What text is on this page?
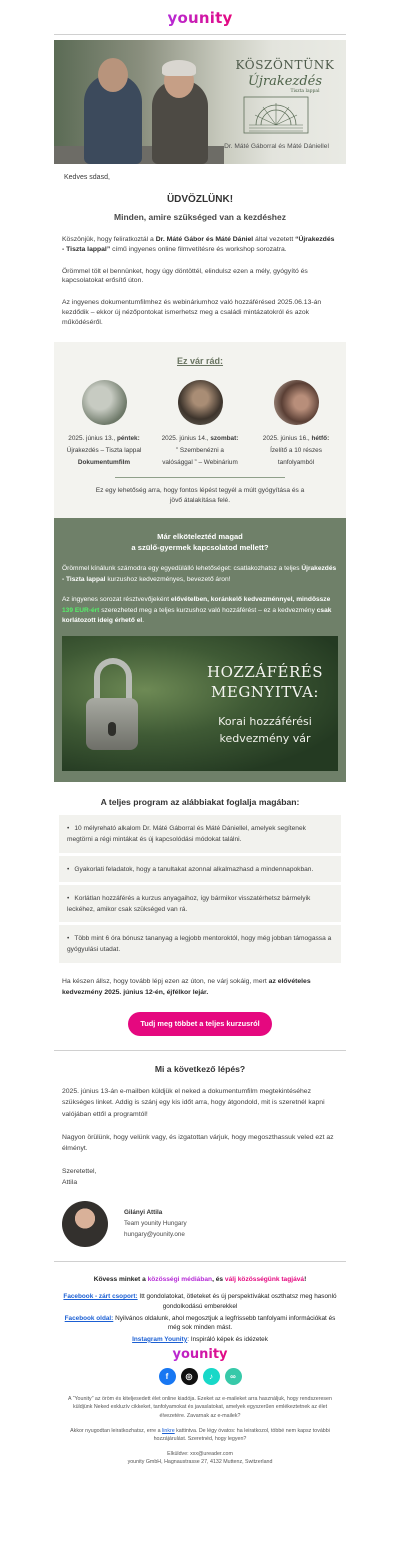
younity
KÖSZÖNTÜNK
Újrakezdés
Tiszta lappal
Dr. Máté Gáborral és Máté Dániellel
Kedves sdasd,
ÜDVÖZLÜNK!
Minden, amire szükséged van a kezdéshez
Köszönjük, hogy feliratkoztál a Dr. Máté Gábor és Máté Dániel által vezetett “Újrakezdés - Tiszta lappal” című ingyenes online filmvetítésre és workshop sorozatra.
Örömmel tölt el bennünket, hogy úgy döntöttél, elindulsz ezen a mély, gyógyító és kapcsolatokat erősítő úton.
Az ingyenes dokumentumfilmhez és webináriumhoz való hozzáférésed 2025.06.13-án kezdődik – ekkor új nézőpontokat ismerhetsz meg a családi mintázatokról és azok működéséről.
Ez vár rád:
2025. június 13., péntek:
Újrakezdés – Tiszta lappal
Dokumentumfilm
2025. június 14., szombat:
” Szembenézni a
valósággal ” – Webinárium
2025. június 16., hétfő:
Ízelítő a 10 részes
tanfolyamból
Ez egy lehetőség arra, hogy fontos lépést tegyél a múlt gyógyítása és a jövő átalakítása felé.
Már elköteleztéd magad
a szülő-gyermek kapcsolatod mellett?

Örömmel kínálunk számodra egy egyedülálló lehetőséget: csatlakozhatsz a teljes Újrakezdés - Tiszta lappal kurzushoz kedvezményes, bevezető áron!

Az ingyenes sorozat résztvevőjeként elővételben, koránkelő kedvezménnyel, mindössze 139 EUR-ért szerezheted meg a teljes kurzushoz való hozzáférést – ez a kedvezmény csak korlátozott ideig érhető el.

HOZZÁFÉRÉS
MEGNYITVA:
Korai hozzáférési
kedvezmény vár
A teljes program az alábbiakat foglalja magában:
• 10 mélyreható alkalom Dr. Máté Gáborral és Máté Dániellel, amelyek segítenek megtörni a régi mintákat és új kapcsolódási módokat találni.
• Gyakorlati feladatok, hogy a tanultakat azonnal alkalmazhasd a mindennapokban.
• Korlátlan hozzáférés a kurzus anyagaihoz, így bármikor visszatérhetsz bármelyik leckéhez, amikor csak szükséged van rá.
• Több mint 6 óra bónusz tananyag a legjobb mentoroktól, hogy még jobban támogassa a gyógyulási utadat.
Ha készen állsz, hogy tovább lépj ezen az úton, ne várj sokáig, mert az elővételes kedvezmény 2025. június 12-én, éjfélkor lejár.
Tudj meg többet a teljes kurzusról
Mi a következő lépés?
2025. június 13-án e-mailben küldjük el neked a dokumentumfilm megtekintéséhez szükséges linket. Addig is szánj egy kis időt arra, hogy átgondold, mit is szeretnél kapni valójában ettől a programtól!
Nagyon örülünk, hogy velünk vagy, és izgatottan várjuk, hogy megoszthassuk veled ezt az élményt.
Szeretettel,
Attila
Gilányi Attila
Team younity Hungary
hungary@younity.one
Kövess minket a közösségi médiában, és válj közösségünk tagjává!
Facebook - zárt csoport: Itt gondolatokat, ötleteket és új perspektívákat oszthatsz meg hasonló gondolkodású emberekkel
Facebook oldal: Nyilvános oldalunk, ahol megosztjuk a legfrissebb tanfolyami információkat és még sok minden mást.
Instagram Younity: Inspiráló képek és idézetek
younity
f	◎	♪	∞
A “Younity” az öröm és kiteljesedett élet online kiadója. Ezeket az e-maileket arra használjuk, hogy rendszeresen küldjünk Neked exkluzív cikkeket, tanfolyamokat és javaslatokat, amelyek egyszerűen emlékeztetnek az élet élvezetére. Zavarnak az e-mailek?
Akkor nyugodtan leiratkozhatsz, erre a linkre kattintva. De légy óvatos: ha leiratkozol, többé nem kapsz további hozzájárulást. Szeretnéd, hogy legyen?
Elküldve: xxx@ureader.com
younity GmbH, Hagnaustrasse 27, 4132 Muttenz, Switzerland
